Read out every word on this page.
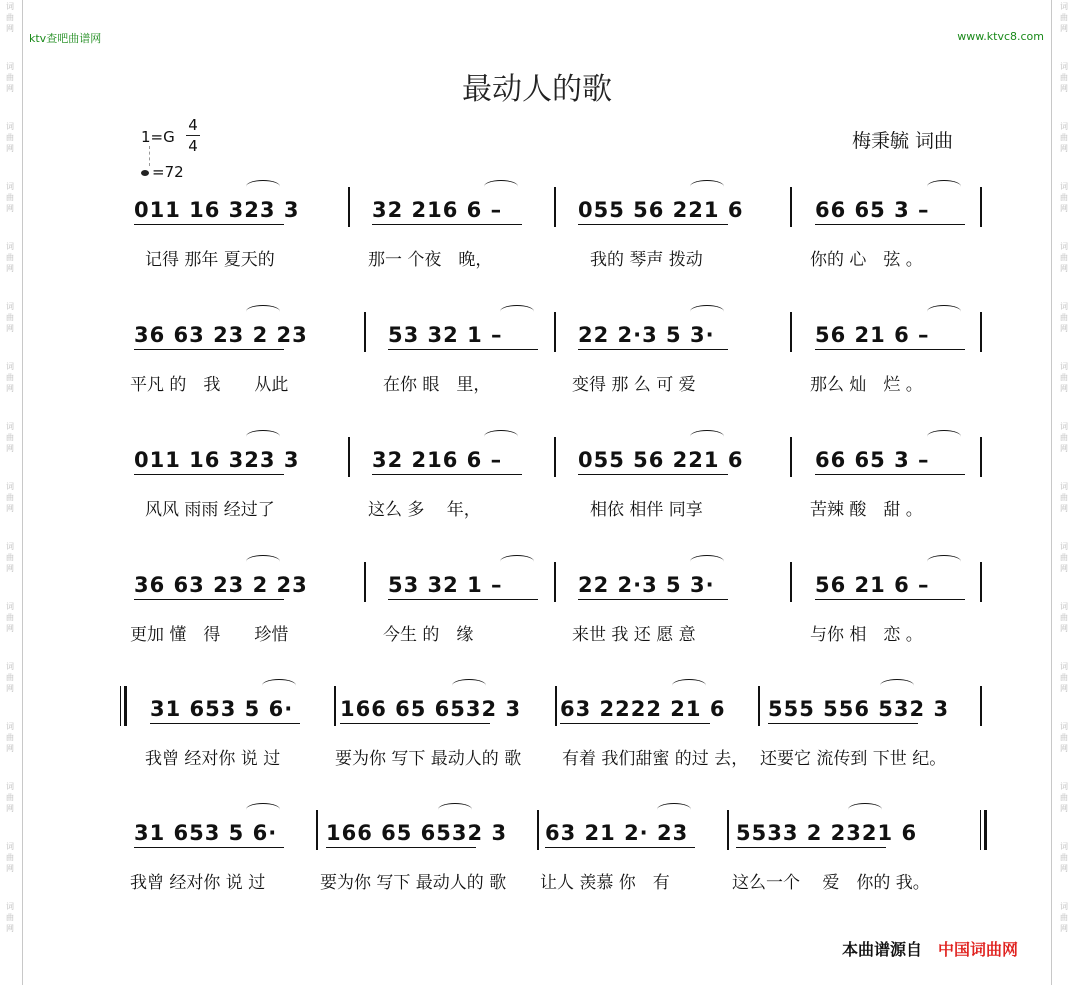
词
曲
网
词
曲
网
词
曲
网
词
曲
网
词
曲
网
词
曲
网
词
曲
网
词
曲
网
词
曲
网
词
曲
网
词
曲
网
词
曲
网
词
曲
网
词
曲
网
词
曲
网
词
曲
网
词
曲
网
词
曲
网
词
曲
网
词
曲
网
词
曲
网
词
曲
网
词
曲
网
词
曲
网
词
曲
网
词
曲
网
词
曲
网
词
曲
网
词
曲
网
词
曲
网
词
曲
网
词
曲
网
ktv查吧曲谱网	www.ktvc8.com
最动人的歌
$1=G \frac{4}{4}$
=72
梅秉毓 词曲
011 16 323 3
记得 那年 夏天的
32 216 6 –
那一 个夜　晚，
055 56 221 6
我的 琴声 拨动
66 65 3 –
你的 心　弦 。
36 63 23 2 23
平凡 的　我　　从此
53 32 1 –
在你 眼　里，
22 2·3 5 3·
变得 那 么 可 爱
56 21 6 –
那么 灿　烂 。
011 16 323 3
风风 雨雨 经过了
32 216 6 –
这么 多　 年，
055 56 221 6
相依 相伴 同享
66 65 3 –
苦辣 酸　甜 。
36 63 23 2 23
更加 懂　得　　珍惜
53 32 1 –
今生 的　缘
22 2·3 5 3·
来世 我 还 愿 意
56 21 6 –
与你 相　恋 。
31 653 5 6·
我曾 经对你 说 过
166 65 6532 3
要为你 写下 最动人的 歌
63 2222 21 6
有着 我们甜蜜 的过 去，
555 556 532 3
还要它 流传到 下世 纪。
31 653 5 6·
我曾 经对你 说 过
166 65 6532 3
要为你 写下 最动人的 歌
63 21 2· 23
让人 羡慕 你　有
5533 2 2321 6
这么一个　 爱　你的 我。
本曲谱源自 中国词曲网
